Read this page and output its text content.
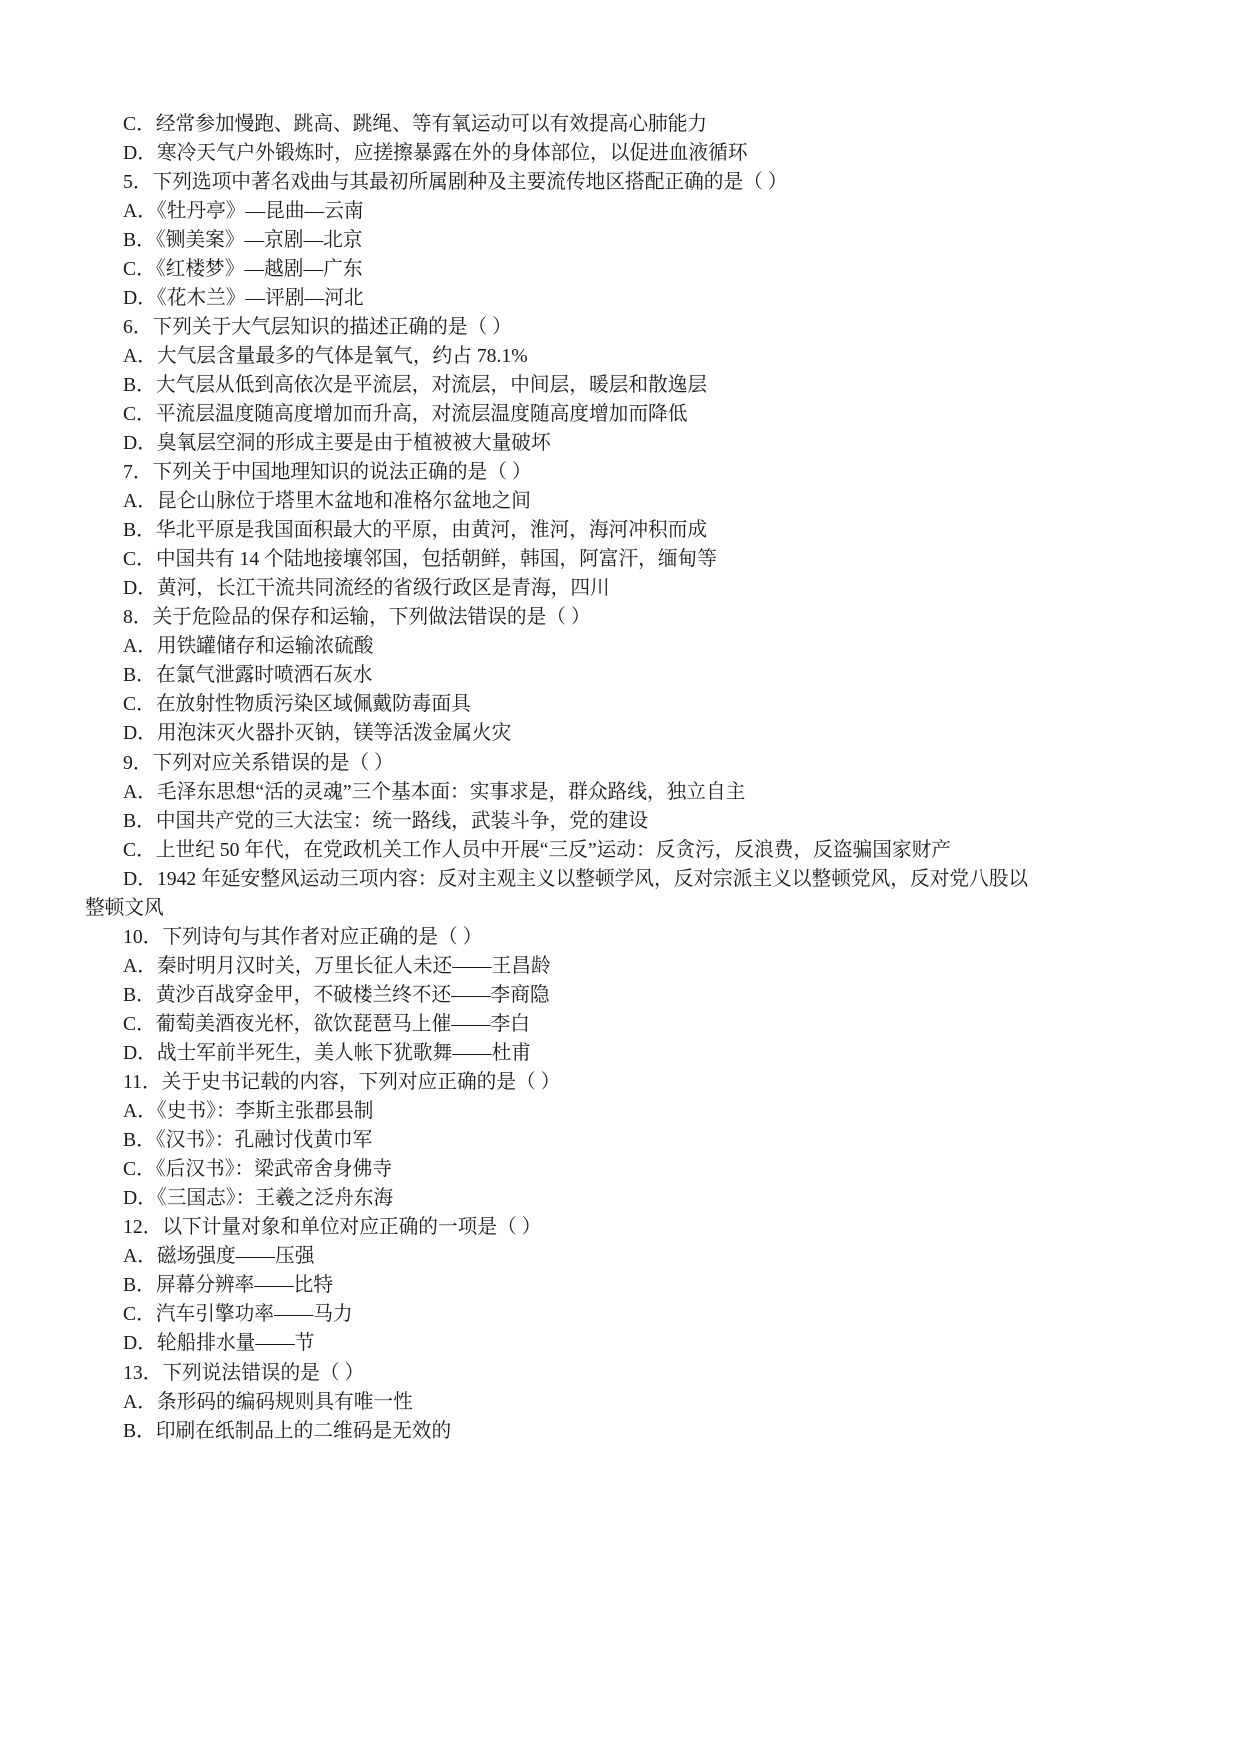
C．经常参加慢跑、跳高、跳绳、等有氧运动可以有效提高心肺能力
D．寒冷天气户外锻炼时，应搓擦暴露在外的身体部位，以促进血液循环
5．下列选项中著名戏曲与其最初所属剧种及主要流传地区搭配正确的是（ ）
A．《牡丹亭》—昆曲—云南
B．《铡美案》—京剧—北京
C．《红楼梦》—越剧—广东
D．《花木兰》—评剧—河北
6．下列关于大气层知识的描述正确的是（ ）
A．大气层含量最多的气体是氧气，约占 78.1%
B．大气层从低到高依次是平流层，对流层，中间层，暖层和散逸层
C．平流层温度随高度增加而升高，对流层温度随高度增加而降低
D．臭氧层空洞的形成主要是由于植被被大量破坏
7．下列关于中国地理知识的说法正确的是（ ）
A．昆仑山脉位于塔里木盆地和准格尔盆地之间
B．华北平原是我国面积最大的平原，由黄河，淮河，海河冲积而成
C．中国共有 14 个陆地接壤邻国，包括朝鲜，韩国，阿富汗，缅甸等
D．黄河，长江干流共同流经的省级行政区是青海，四川
8．关于危险品的保存和运输，下列做法错误的是（ ）
A．用铁罐储存和运输浓硫酸
B．在氯气泄露时喷洒石灰水
C．在放射性物质污染区域佩戴防毒面具
D．用泡沫灭火器扑灭钠，镁等活泼金属火灾
9．下列对应关系错误的是（ ）
A．毛泽东思想“活的灵魂”三个基本面：实事求是，群众路线，独立自主
B．中国共产党的三大法宝：统一路线，武装斗争，党的建设
C．上世纪 50 年代，在党政机关工作人员中开展“三反”运动：反贪污，反浪费，反盗骗国家财产
D．1942 年延安整风运动三项内容：反对主观主义以整顿学风，反对宗派主义以整顿党风，反对党八股以
整顿文风
10．下列诗句与其作者对应正确的是（ ）
A．秦时明月汉时关，万里长征人未还——王昌龄
B．黄沙百战穿金甲，不破楼兰终不还——李商隐
C．葡萄美酒夜光杯，欲饮琵琶马上催——李白
D．战士军前半死生，美人帐下犹歌舞——杜甫
11．关于史书记载的内容，下列对应正确的是（ ）
A．《史书》：李斯主张郡县制
B．《汉书》：孔融讨伐黄巾军
C．《后汉书》：梁武帝舍身佛寺
D．《三国志》：王羲之泛舟东海
12．以下计量对象和单位对应正确的一项是（ ）
A．磁场强度——压强
B．屏幕分辨率——比特
C．汽车引擎功率——马力
D．轮船排水量——节
13．下列说法错误的是（ ）
A．条形码的编码规则具有唯一性
B．印刷在纸制品上的二维码是无效的
